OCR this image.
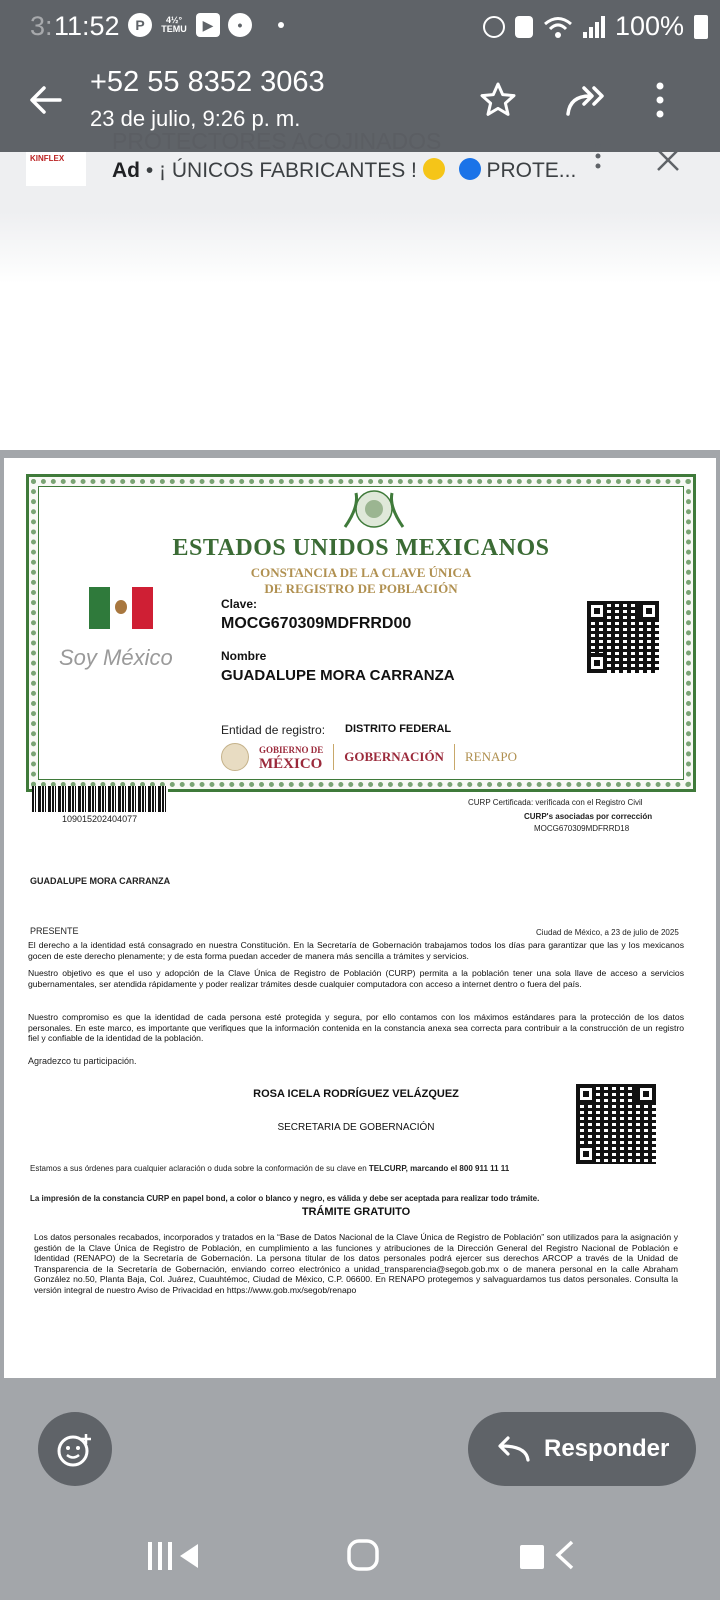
3: 11:52	P	4½°
TEMU	▶	•	100%
+52 55 8352 3063
23 de julio, 9:26 p. m.
PROTECTORES ACOJINADOS
KINFLEX
Ad • ¡ ÚNICOS FABRICANTES !	PROTE...
ESTADOS UNIDOS MEXICANOS
CONSTANCIA DE LA CLAVE ÚNICA
DE REGISTRO DE POBLACIÓN
Soy México
Clave:
MOCG670309MDFRRD00
Nombre
GUADALUPE MORA CARRANZA
Entidad de registro: DISTRITO FEDERAL
GOBIERNO DE
MÉXICO GOBERNACIÓN RENAPO
109015202404077
CURP Certificada: verificada con el Registro Civil
CURP's asociadas por corrección
MOCG670309MDFRRD18
GUADALUPE MORA CARRANZA
PRESENTE	Ciudad de México, a 23 de julio de 2025
El derecho a la identidad está consagrado en nuestra Constitución. En la Secretaría de Gobernación trabajamos todos los días para garantizar que las y los mexicanos gocen de este derecho plenamente; y de esta forma puedan acceder de manera más sencilla a trámites y servicios.
Nuestro objetivo es que el uso y adopción de la Clave Única de Registro de Población (CURP) permita a la población tener una sola llave de acceso a servicios gubernamentales, ser atendida rápidamente y poder realizar trámites desde cualquier computadora con acceso a internet dentro o fuera del país.
Nuestro compromiso es que la identidad de cada persona esté protegida y segura, por ello contamos con los máximos estándares para la protección de los datos personales. En este marco, es importante que verifiques que la información contenida en la constancia anexa sea correcta para contribuir a la construcción de un registro fiel y confiable de la identidad de la población.
Agradezco tu participación.
ROSA ICELA RODRÍGUEZ VELÁZQUEZ
SECRETARIA DE GOBERNACIÓN
Estamos a sus órdenes para cualquier aclaración o duda sobre la conformación de su clave en TELCURP, marcando el 800 911 11 11
La impresión de la constancia CURP en papel bond, a color o blanco y negro, es válida y debe ser aceptada para realizar todo trámite.
TRÁMITE GRATUITO
Los datos personales recabados, incorporados y tratados en la “Base de Datos Nacional de la Clave Única de Registro de Población” son utilizados para la asignación y gestión de la Clave Única de Registro de Población, en cumplimiento a las funciones y atribuciones de la Dirección General del Registro Nacional de Población e Identidad (RENAPO) de la Secretaría de Gobernación. La persona titular de los datos personales podrá ejercer sus derechos ARCOP a través de la Unidad de Transparencia de la Secretaría de Gobernación, enviando correo electrónico a unidad_transparencia@segob.gob.mx o de manera personal en la calle Abraham González no.50, Planta Baja, Col. Juárez, Cuauhtémoc, Ciudad de México, C.P. 06600. En RENAPO protegemos y salvaguardamos tus datos personales. Consulta la versión integral de nuestro Aviso de Privacidad en https://www.gob.mx/segob/renapo
Responder
